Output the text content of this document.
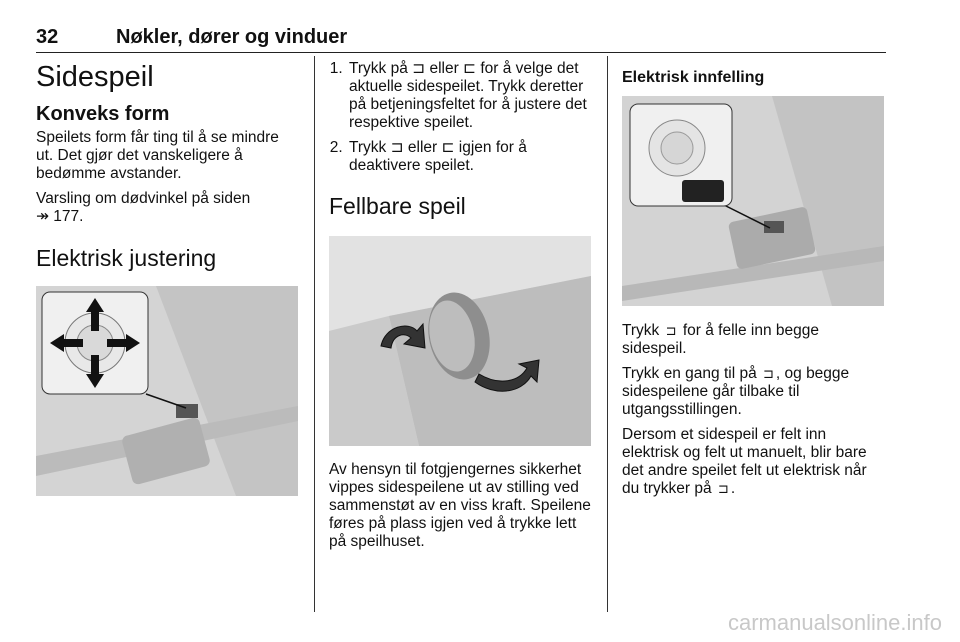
32	Nøkler, dører og vinduer
Sidespeil
Konveks form

Speilets form får ting til å se mindre ut. Det gjør det vanskeligere å bedømme avstander.

Varsling om dødvinkel på siden
↠ 177.

Elektrisk justering
1. Trykk på ⊐ eller ⊏ for å velge det aktuelle sidespeilet. Trykk deretter på betjeningsfeltet for å justere det respektive speilet.
2. Trykk ⊐ eller ⊏ igjen for å deaktivere speilet.
Fellbare speil

Av hensyn til fotgjengernes sikkerhet vippes sidespeilene ut av stilling ved sammenstøt av en viss kraft. Speilene føres på plass igjen ved å trykke lett på speilhuset.

Elektrisk innfelling

Trykk ⊐ for å felle inn begge sidespeil.

Trykk en gang til på ⊐ , og begge sidespeilene går tilbake til utgangsstillingen.

Dersom et sidespeil er felt inn elektrisk og felt ut manuelt, blir bare det andre speilet felt ut elektrisk når du trykker på ⊐ .

carmanualsonline.info
